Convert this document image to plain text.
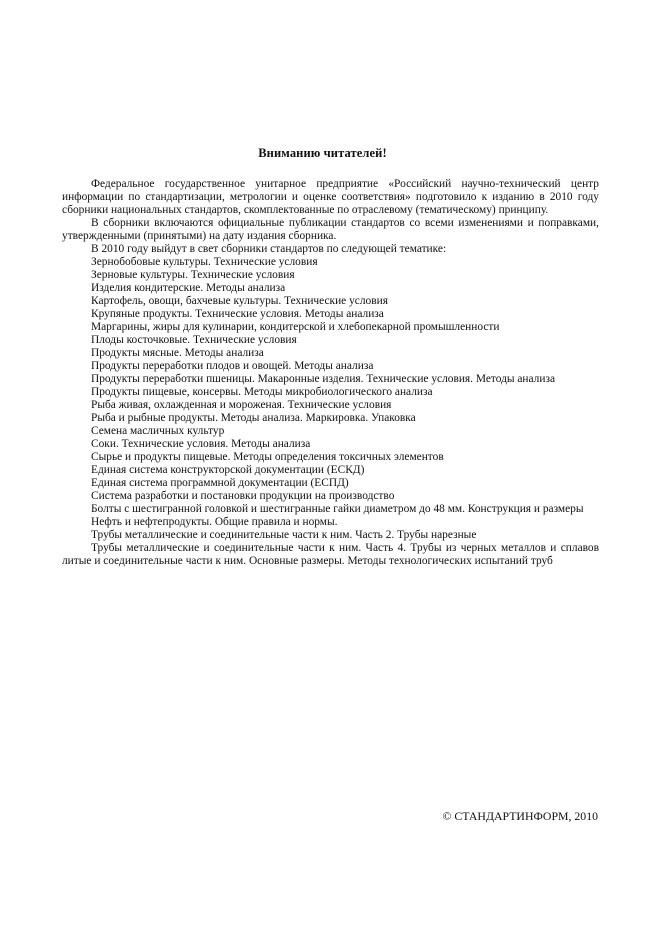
Вниманию читателей!

Федеральное государственное унитарное предприятие «Российский научно-технический центр информации по стандартизации, метрологии и оценке соответствия» подготовило к изданию в 2010 году сборники национальных стандартов, скомплектованные по отраслевому (тематическому) принципу.

В сборники включаются официальные публикации стандартов со всеми изменениями и поправками, утвержденными (принятыми) на дату издания сборника.

В 2010 году выйдут в свет сборники стандартов по следующей тематике:

Зернобобовые культуры. Технические условия
Зерновые культуры. Технические условия
Изделия кондитерские. Методы анализа
Картофель, овощи, бахчевые культуры. Технические условия
Крупяные продукты. Технические условия. Методы анализа
Маргарины, жиры для кулинарии, кондитерской и хлебопекарной промышленности
Плоды косточковые. Технические условия
Продукты мясные. Методы анализа
Продукты переработки плодов и овощей. Методы анализа
Продукты переработки пшеницы. Макаронные изделия. Технические условия. Методы анализа
Продукты пищевые, консервы. Методы микробиологического анализа
Рыба живая, охлажденная и мороженая. Технические условия
Рыба и рыбные продукты. Методы анализа. Маркировка. Упаковка
Семена масличных культур
Соки. Технические условия. Методы анализа
Сырье и продукты пищевые. Методы определения токсичных элементов
Единая система конструкторской документации (ЕСКД)
Единая система программной документации (ЕСПД)
Система разработки и постановки продукции на производство
Болты с шестигранной головкой и шестигранные гайки диаметром до 48 мм. Конструкция и размеры
Нефть и нефтепродукты. Общие правила и нормы.
Трубы металлические и соединительные части к ним. Часть 2. Трубы нарезные
Трубы металлические и соединительные части к ним. Часть 4. Трубы из черных металлов и сплавов литые и соединительные части к ним. Основные размеры. Методы технологических испытаний труб
© СТАНДАРТИНФОРМ, 2010
